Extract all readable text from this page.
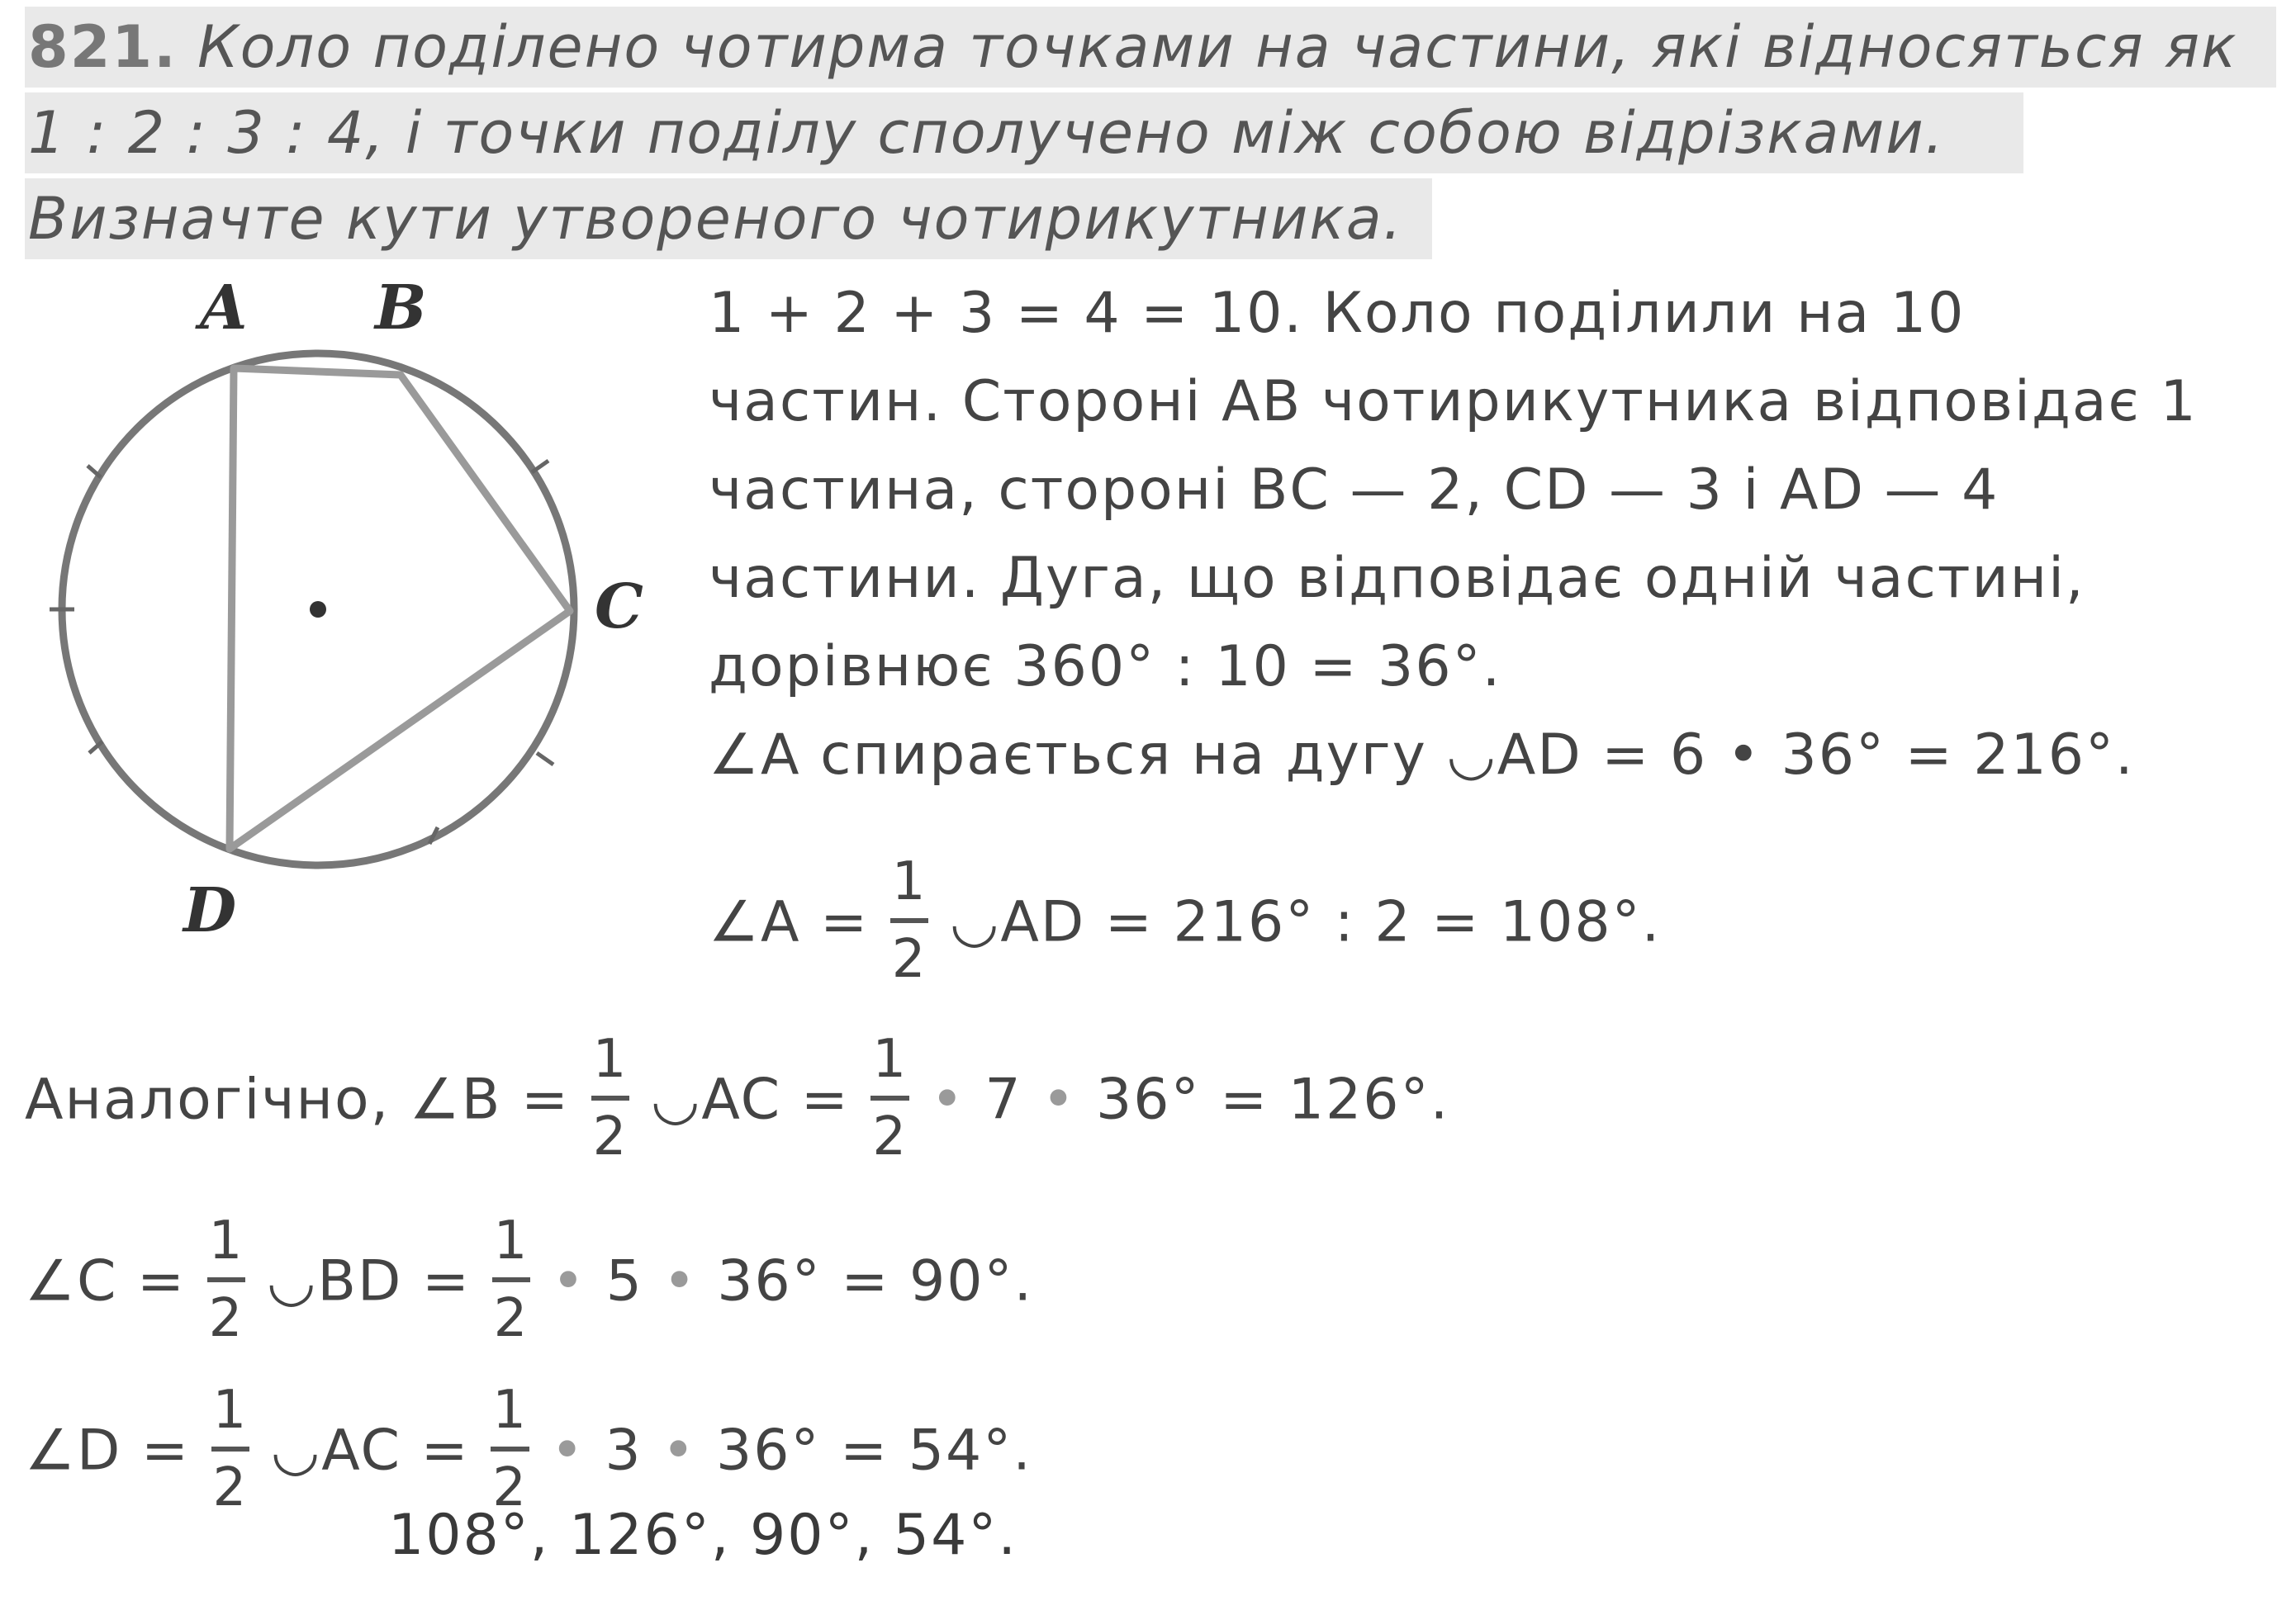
821. Коло поділено чотирма точками на частини, які відносяться як
1 : 2 : 3 : 4, і точки поділу сполучено між собою відрізками.
Визначте кути утвореного чотирикутника.
A B
C
D
1 + 2 + 3 = 4 = 10. Коло поділили на 10
частин. Стороні АВ чотирикутника відповідає 1
частина, стороні ВС — 2, CD — 3 і AD — 4
частини. Дуга, що відповідає одній частині,
дорівнює 360° : 10 = 36°.
∠A спирається на дугу ◡AD = 6 • 36° = 216°.
∠A =
1
2
◡AD = 216° : 2 = 108°.
Аналогічно, ∠B =
1
2
◡AC =
1
2
• 7 • 36° = 126°.
∠C =
1
2
◡BD =
1
2
• 5 • 36° = 90°.
∠D =
1
2
◡AC =
1
2
• 3 • 36° = 54°.
108°, 126°, 90°, 54°.
